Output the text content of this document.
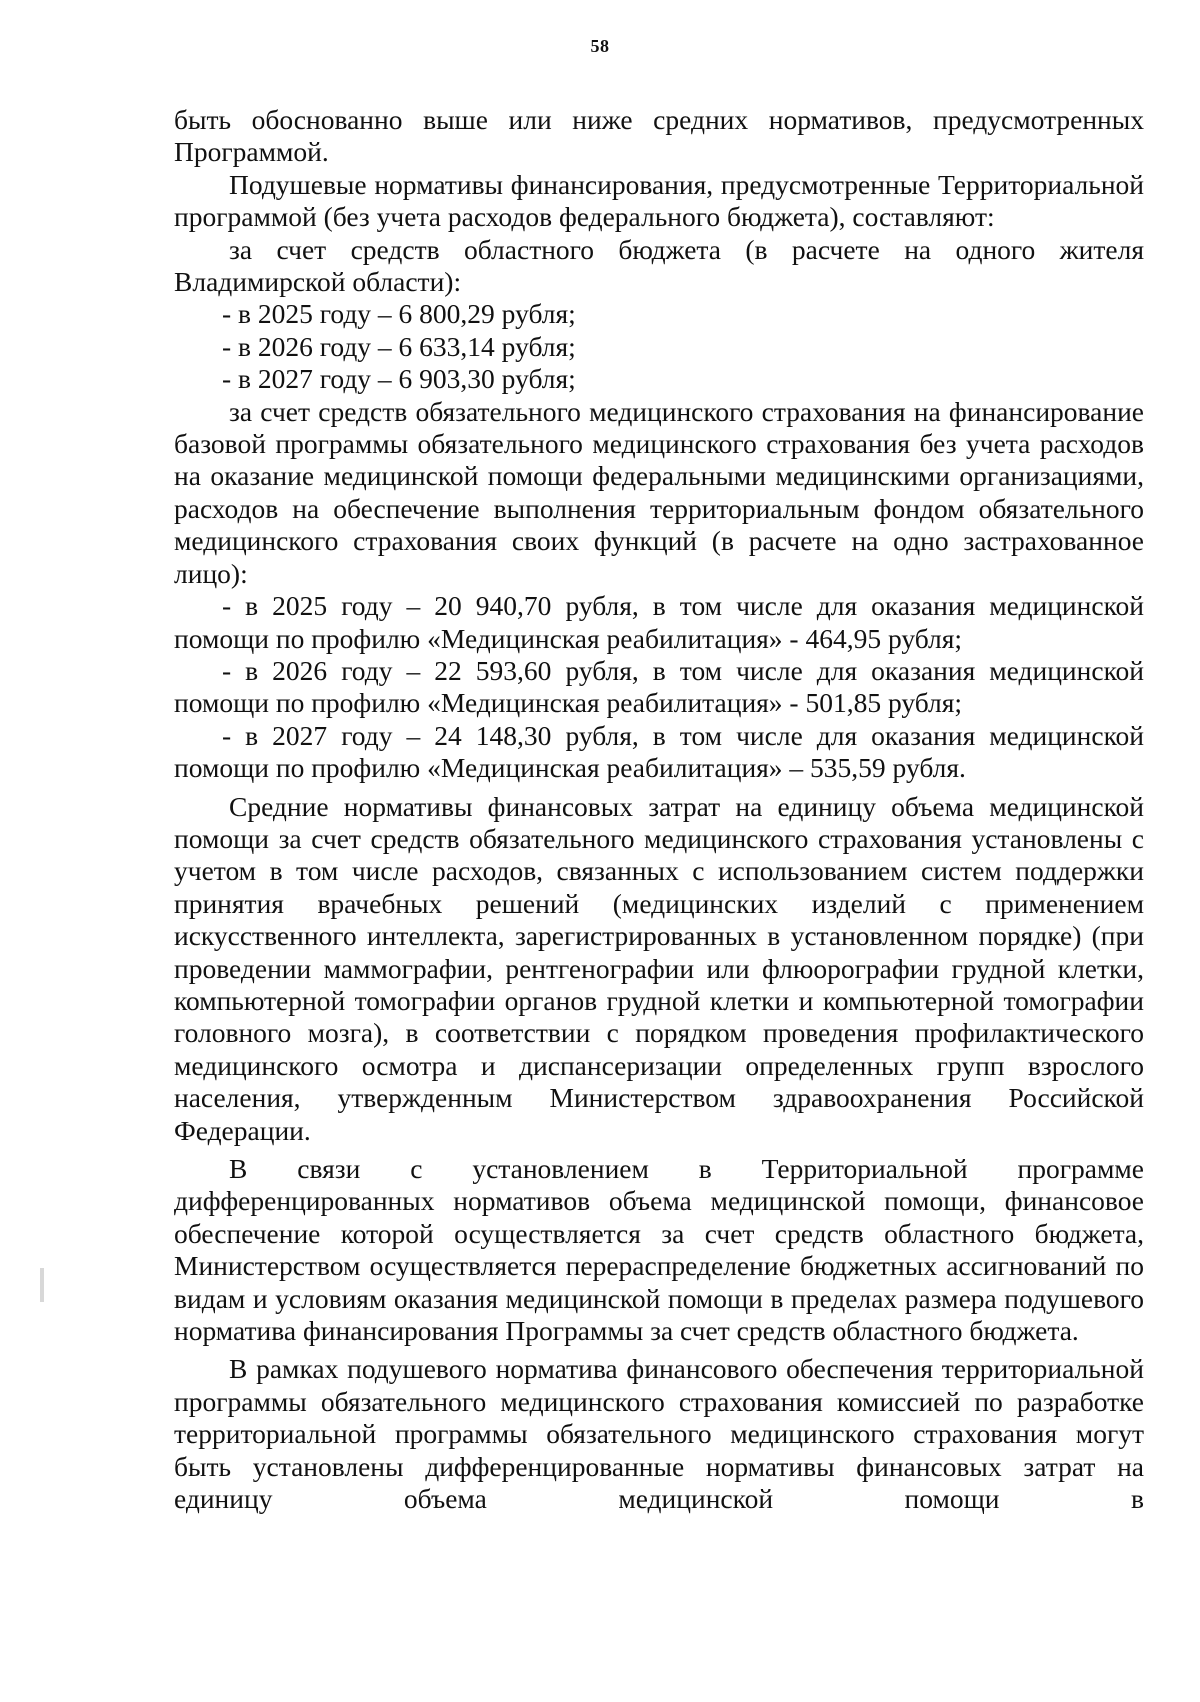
58

быть обоснованно выше или ниже средних нормативов, предусмотренных Программой.

Подушевые нормативы финансирования, предусмотренные Территориальной программой (без учета расходов федерального бюджета), составляют:

за счет средств областного бюджета (в расчете на одного жителя Владимирской области):

- в 2025 году – 6 800,29 рубля;

- в 2026 году – 6 633,14 рубля;

- в 2027 году – 6 903,30 рубля;

за счет средств обязательного медицинского страхования на финансирование базовой программы обязательного медицинского страхования без учета расходов на оказание медицинской помощи федеральными медицинскими организациями, расходов на обеспечение выполнения территориальным фондом обязательного медицинского страхования своих функций (в расчете на одно застрахованное лицо):

- в 2025 году – 20 940,70 рубля, в том числе для оказания медицинской помощи по профилю «Медицинская реабилитация» - 464,95 рубля;

- в 2026 году – 22 593,60 рубля, в том числе для оказания медицинской помощи по профилю «Медицинская реабилитация» - 501,85 рубля;

- в 2027 году – 24 148,30 рубля, в том числе для оказания медицинской помощи по профилю «Медицинская реабилитация» – 535,59 рубля.

Средние нормативы финансовых затрат на единицу объема медицинской помощи за счет средств обязательного медицинского страхования установлены с учетом в том числе расходов, связанных с использованием систем поддержки принятия врачебных решений (медицинских изделий с применением искусственного интеллекта, зарегистрированных в установленном порядке) (при проведении маммографии, рентгенографии или флюорографии грудной клетки, компьютерной томографии органов грудной клетки и компьютерной томографии головного мозга), в соответствии с порядком проведения профилактического медицинского осмотра и диспансеризации определенных групп взрослого населения, утвержденным Министерством здравоохранения Российской Федерации.

В связи с установлением в Территориальной программе дифференцированных нормативов объема медицинской помощи, финансовое обеспечение которой осуществляется за счет средств областного бюджета, Министерством осуществляется перераспределение бюджетных ассигнований по видам и условиям оказания медицинской помощи в пределах размера подушевого норматива финансирования Программы за счет средств областного бюджета.

В рамках подушевого норматива финансового обеспечения территориальной программы обязательного медицинского страхования комиссией по разработке территориальной программы обязательного медицинского страхования могут быть установлены дифференцированные нормативы финансовых затрат на единицу объема медицинской помощи в
